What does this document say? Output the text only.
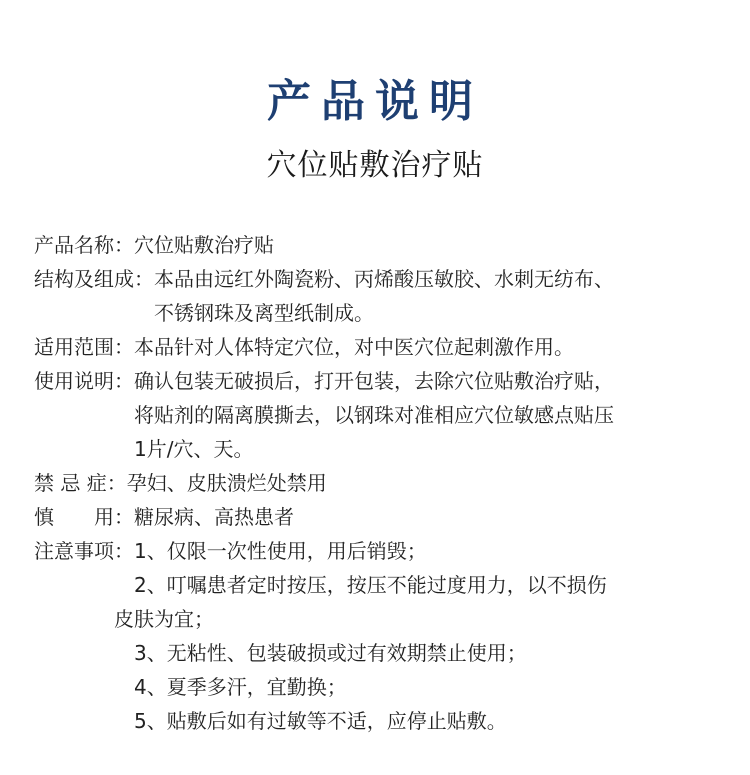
产品说明
穴位贴敷治疗贴
产品名称： 穴位贴敷治疗贴
结构及组成： 本品由远红外陶瓷粉、丙烯酸压敏胶、水刺无纺布、
不锈钢珠及离型纸制成。
适用范围： 本品针对人体特定穴位，对中医穴位起刺激作用。
使用说明： 确认包装无破损后，打开包装，去除穴位贴敷治疗贴，
将贴剂的隔离膜撕去，以钢珠对准相应穴位敏感点贴压
1片/穴、天。
禁 忌 症： 孕妇、皮肤溃烂处禁用
慎　　用： 糖尿病、高热患者
注意事项： 1、仅限一次性使用，用后销毁；
2、叮嘱患者定时按压，按压不能过度用力，以不损伤
皮肤为宜；
3、无粘性、包装破损或过有效期禁止使用；
4、夏季多汗，宜勤换；
5、贴敷后如有过敏等不适，应停止贴敷。
